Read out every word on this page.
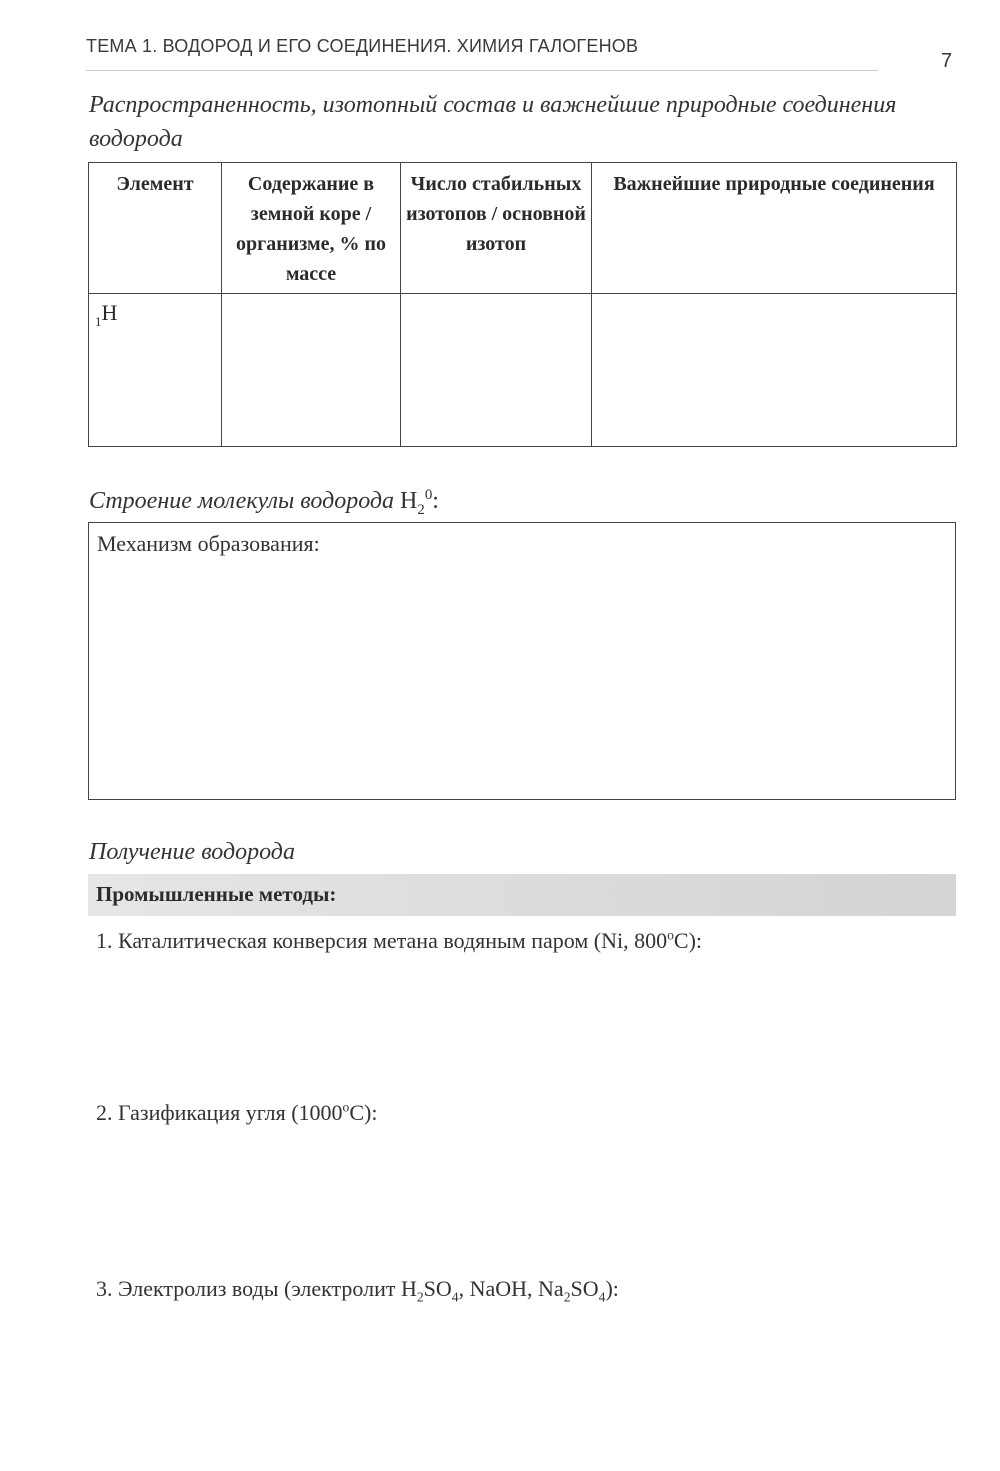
ТЕМА 1. ВОДОРОД И ЕГО СОЕДИНЕНИЯ. ХИМИЯ ГАЛОГЕНОВ
7
Распространенность, изотопный состав и важнейшие природные соединения водорода
Элемент	Содержание в земной коре / организме, % по массе	Число стабильных изотопов / основной изотоп	Важнейшие природные соединения
$_1$H			
Строение молекулы водорода $H_2^0$:
Механизм образования:
Получение водорода
Промышленные методы:
1. Каталитическая конверсия метана водяным паром (Ni, 800$^o$C):
2. Газификация угля (1000$^o$C):
3. Электролиз воды (электролит $H_2SO_4$, NaOH, $Na_2SO_4$):
